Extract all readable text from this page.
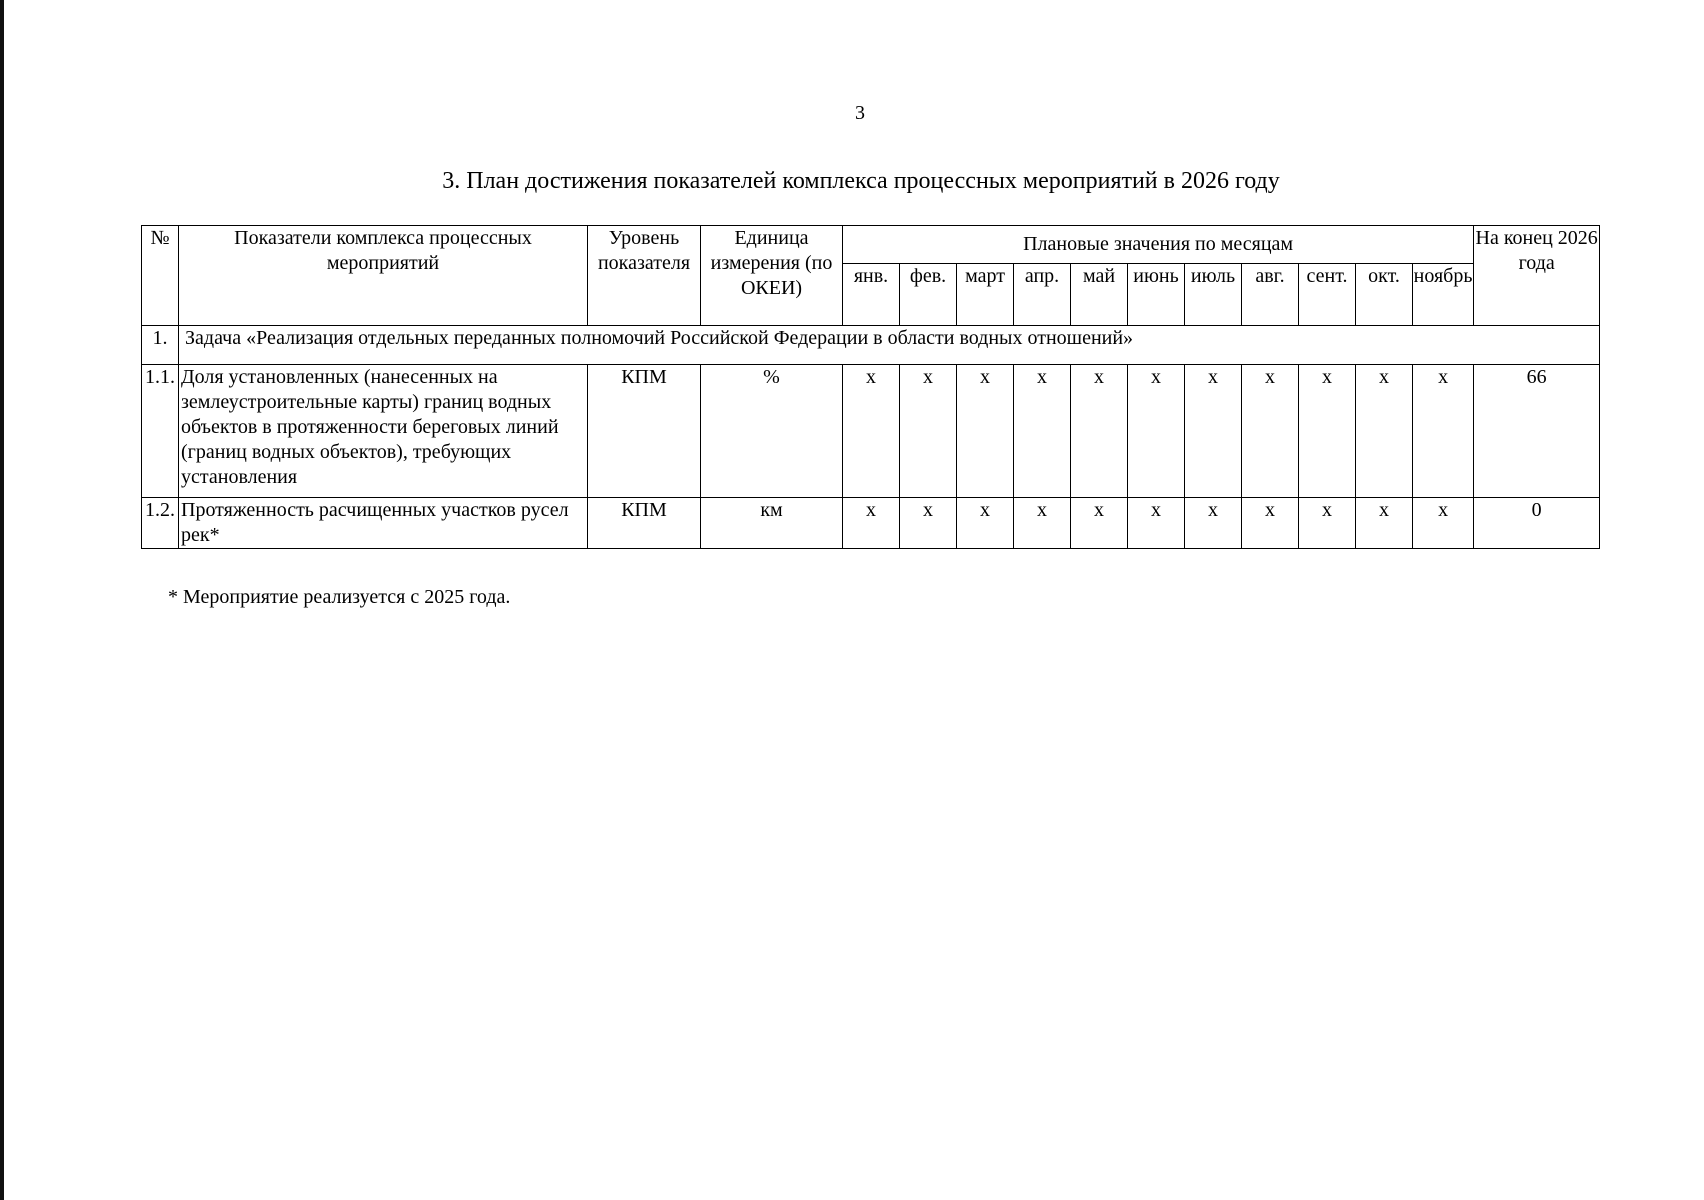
3
3. План достижения показателей комплекса процессных мероприятий в 2026 году
№	Показатели комплекса процессных мероприятий	Уровень показателя	Единица измерения (по ОКЕИ)	Плановые значения по месяцам											На конец 2026 года
				янв.	фев.	март	апр.	май	июнь	июль	авг.	сент.	окт.	ноябрь	
1.	Задача «Реализация отдельных переданных полномочий Российской Федерации в области водных отношений»														
1.1.	Доля установленных (нанесенных на землеустроительные карты) границ водных объектов в протяженности береговых линий (границ водных объектов), требующих установления	КПМ	%	x	x	x	x	x	x	x	x	x	x	x	66
1.2.	Протяженность расчищенных участков русел рек*	КПМ	км	x	x	x	x	x	x	x	x	x	x	x	0
* Мероприятие реализуется с 2025 года.
